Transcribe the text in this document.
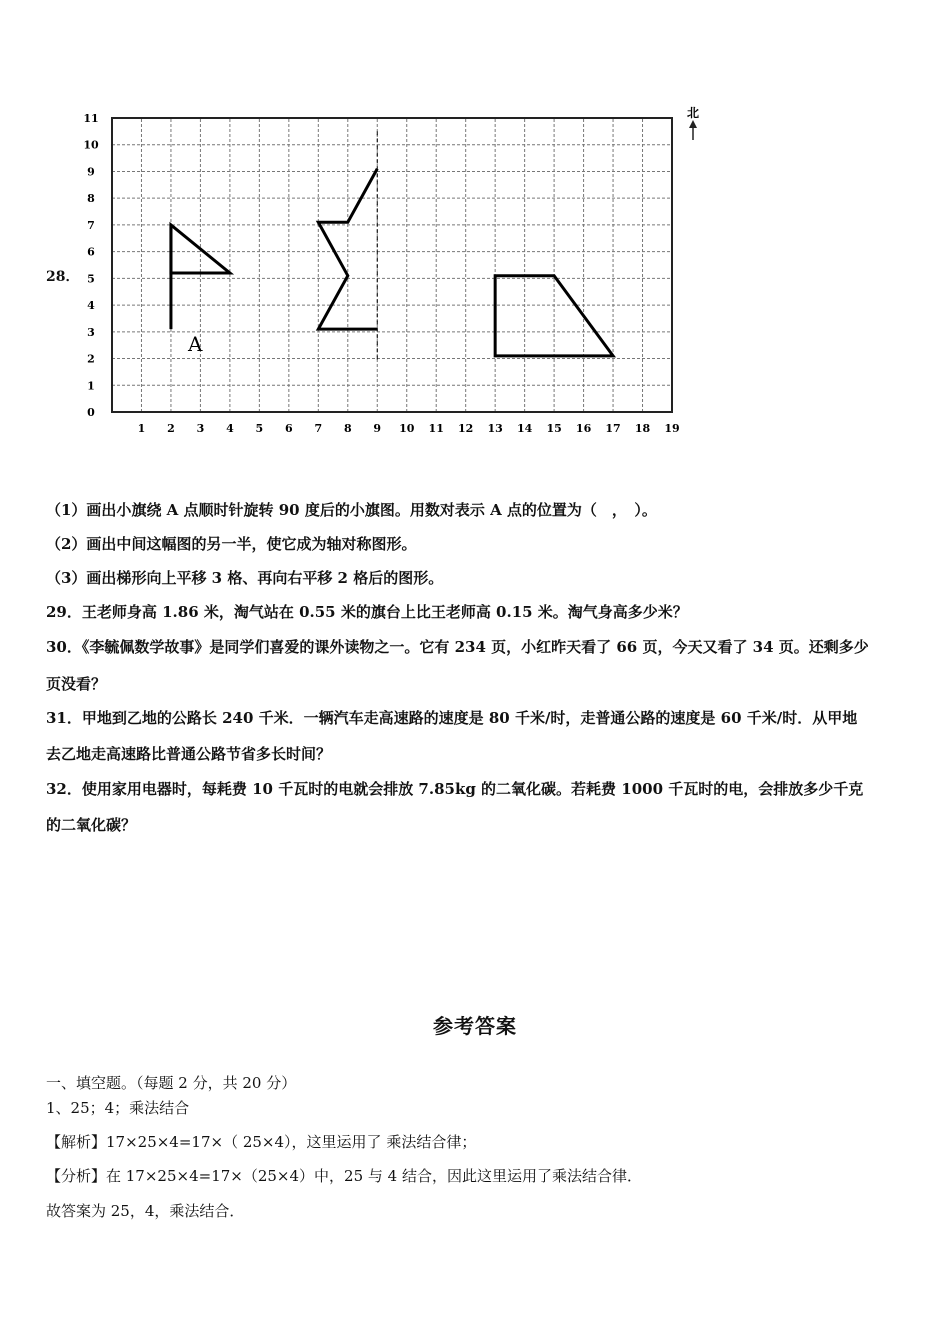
28．
1 2 3 4 5 6 7 8 9 10 11 12 13 14 15 16 17 18 19
0
1
2
3
4
5
6
7
8
9
10
11	北
A
（1）画出小旗绕 A 点顺时针旋转 90 度后的小旗图。用数对表示 A 点的位置为（　，　）。
（2）画出中间这幅图的另一半，使它成为轴对称图形。
（3）画出梯形向上平移 3 格、再向右平移 2 格后的图形。
29．王老师身高 1.86 米，淘气站在 0.55 米的旗台上比王老师高 0.15 米。淘气身高多少米？
30．《李毓佩数学故事》是同学们喜爱的课外读物之一。它有 234 页，小红昨天看了 66 页，今天又看了 34 页。还剩多少
页没看？
31．甲地到乙地的公路长 240 千米．一辆汽车走高速路的速度是 80 千米/时，走普通公路的速度是 60 千米/时．从甲地
去乙地走高速路比普通公路节省多长时间？
32．使用家用电器时，每耗费 10 千瓦时的电就会排放 7.85kg 的二氧化碳。若耗费 1000 千瓦时的电，会排放多少千克
的二氧化碳？
参考答案
一、填空题。（每题 2 分，共 20 分）
1、25；4；乘法结合
【解析】17×25×4=17×（ 25×4），这里运用了 乘法结合律；
【分析】在 17×25×4=17×（25×4）中，25 与 4 结合，因此这里运用了乘法结合律．
故答案为 25，4，乘法结合．
